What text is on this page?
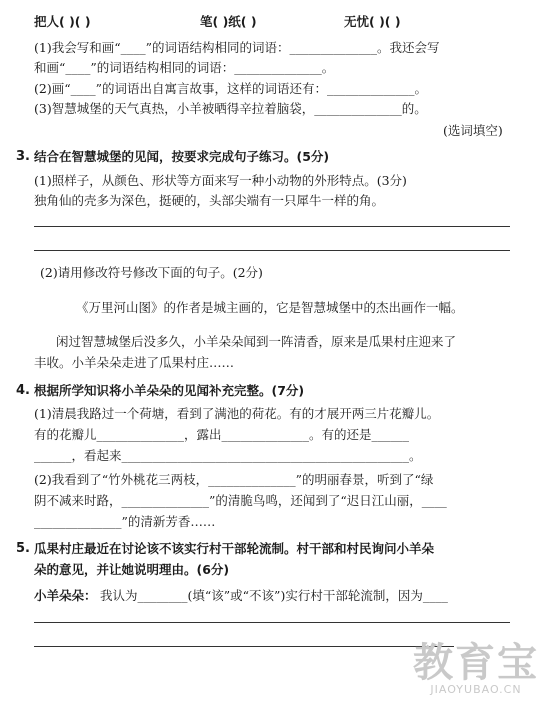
把人( )( )	笔( )纸( )	无忧( )( )
(1)我会写和画“____”的词语结构相同的词语：______________。我还会写
和画“____”的词语结构相同的词语：______________。
(2)画“____”的词语出自寓言故事，这样的词语还有：______________。
(3)智慧城堡的天气真热，小羊被晒得辛拉着脑袋，______________的。
(选词填空)
3. 结合在智慧城堡的见闻，按要求完成句子练习。(5分)
(1)照样子，从颜色、形状等方面来写一种小动物的外形特点。(3分)
独角仙的壳多为深色，挺硬的，头部尖端有一只犀牛一样的角。
(2)请用修改符号修改下面的句子。(2分)
《万里河山图》的作者是城主画的，它是智慧城堡中的杰出画作一幅。
闲过智慧城堡后没多久，小羊朵朵闻到一阵清香，原来是瓜果村庄迎来了
丰收。小羊朵朵走进了瓜果村庄……
4. 根据所学知识将小羊朵朵的见闻补充完整。(7分)
(1)清晨我路过一个荷塘，看到了满池的荷花。有的才展开两三片花瓣儿。
有的花瓣儿______________，露出______________。有的还是______
______，看起来______________________________________________。
(2)我看到了“竹外桃花三两枝，______________”的明丽春景，听到了“绿
阴不减来时路，______________”的清脆鸟鸣，还闻到了“迟日江山丽，____
______________”的清新芳香……
5. 瓜果村庄最近在讨论该不该实行村干部轮流制。村干部和村民询问小羊朵
朵的意见，并让她说明理由。(6分)
小羊朵朵： 我认为________(填“该”或“不该”)实行村干部轮流制，因为____
教育宝
JIAOYUBAO.CN
